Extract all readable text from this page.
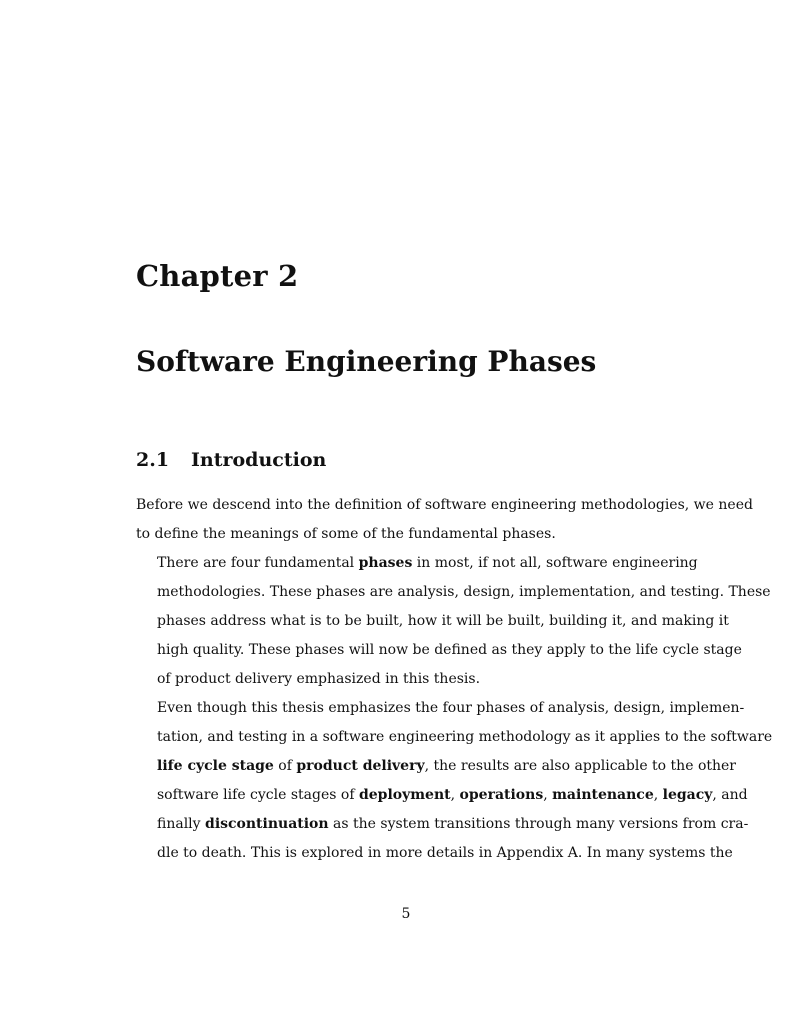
Chapter 2
Software Engineering Phases
2.1 Introduction

Before we descend into the definition of software engineering methodologies, we need
to define the meanings of some of the fundamental phases.

There are four fundamental phases in most, if not all, software engineering
methodologies. These phases are analysis, design, implementation, and testing. These
phases address what is to be built, how it will be built, building it, and making it
high quality. These phases will now be defined as they apply to the life cycle stage
of product delivery emphasized in this thesis.

Even though this thesis emphasizes the four phases of analysis, design, implemen-
tation, and testing in a software engineering methodology as it applies to the software
life cycle stage of product delivery, the results are also applicable to the other
software life cycle stages of deployment, operations, maintenance, legacy, and
finally discontinuation as the system transitions through many versions from cra-
dle to death. This is explored in more details in Appendix A. In many systems the

5
